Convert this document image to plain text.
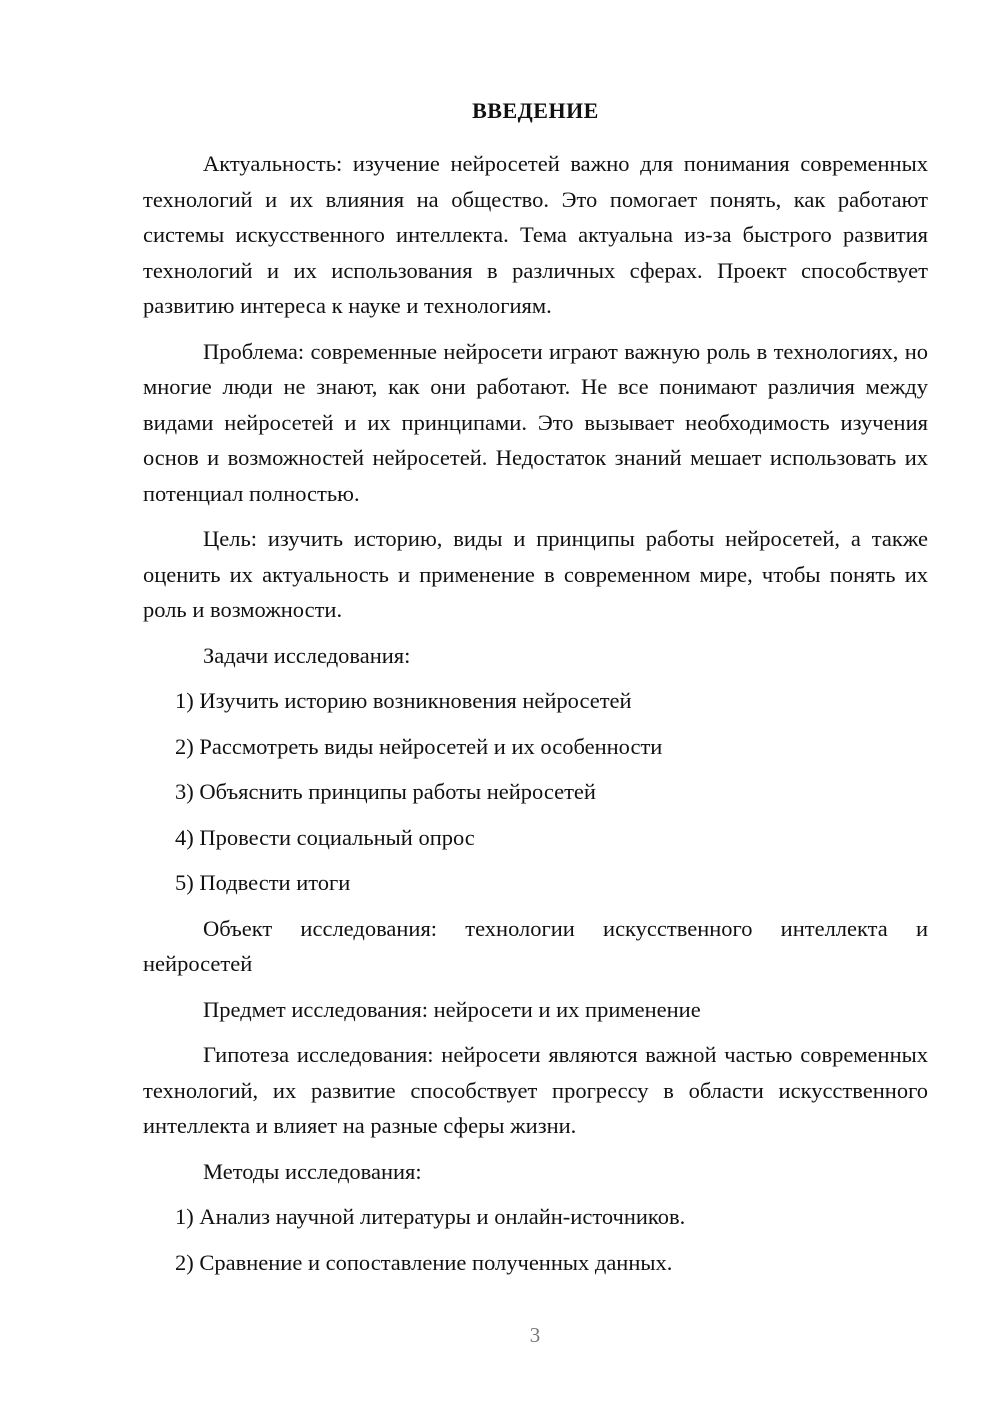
ВВЕДЕНИЕ

Актуальность: изучение нейросетей важно для понимания современных технологий и их влияния на общество. Это помогает понять, как работают системы искусственного интеллекта. Тема актуальна из-за быстрого развития технологий и их использования в различных сферах. Проект способствует развитию интереса к науке и технологиям.

Проблема: современные нейросети играют важную роль в технологиях, но многие люди не знают, как они работают. Не все понимают различия между видами нейросетей и их принципами. Это вызывает необходимость изучения основ и возможностей нейросетей. Недостаток знаний мешает использовать их потенциал полностью.

Цель: изучить историю, виды и принципы работы нейросетей, а также оценить их актуальность и применение в современном мире, чтобы понять их роль и возможности.

Задачи исследования:

1) Изучить историю возникновения нейросетей
2) Рассмотреть виды нейросетей и их особенности
3) Объяснить принципы работы нейросетей
4) Провести социальный опрос
5) Подвести итоги

Объект исследования: технологии искусственного интеллекта и нейросетей

Предмет исследования: нейросети и их применение

Гипотеза исследования: нейросети являются важной частью современных технологий, их развитие способствует прогрессу в области искусственного интеллекта и влияет на разные сферы жизни.

Методы исследования:

1) Анализ научной литературы и онлайн-источников.
2) Сравнение и сопоставление полученных данных.
3
